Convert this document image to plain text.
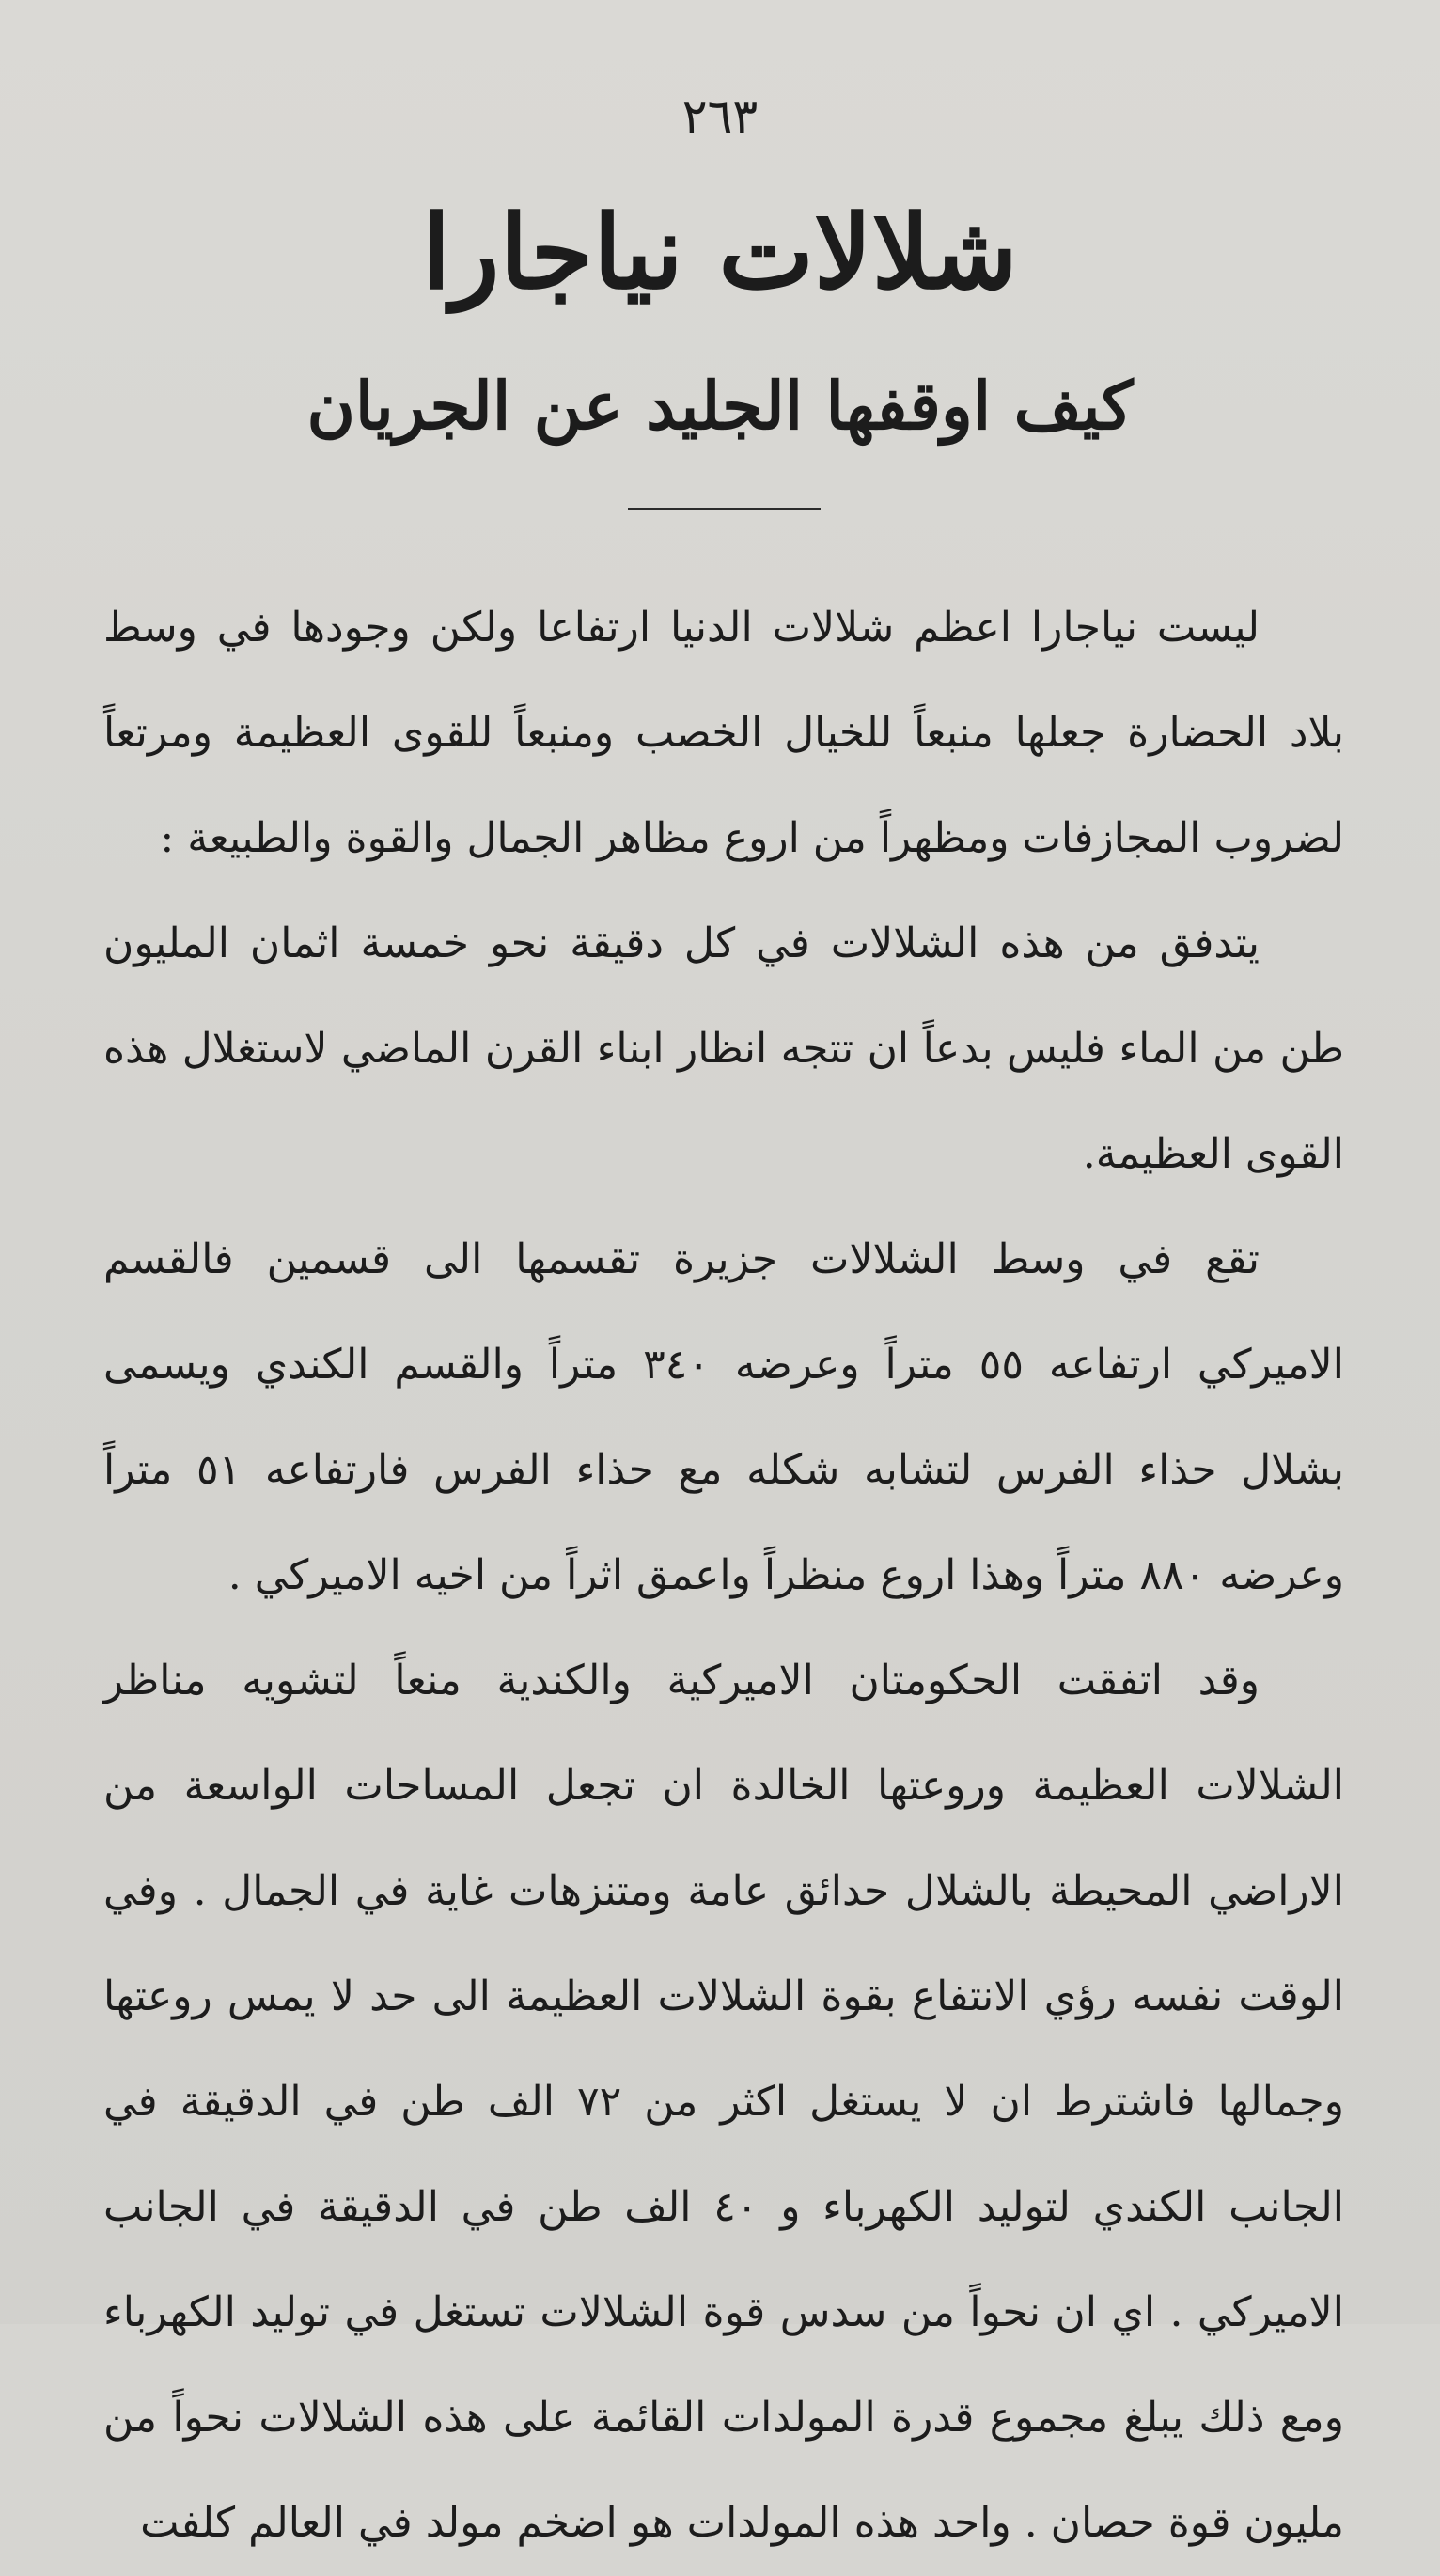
٢٦٣
شلالات نياجارا
كيف اوقفها الجليد عن الجريان

ليست نياجارا اعظم شلالات الدنيا ارتفاعا ولكن وجودها في وسط بلاد الحضارة جعلها منبعاً للخيال الخصب ومنبعاً للقوى العظيمة ومرتعاً لضروب المجازفات ومظهراً من اروع مظاهر الجمال والقوة والطبيعة :

يتدفق من هذه الشلالات في كل دقيقة نحو خمسة اثمان المليون طن من الماء فليس بدعاً ان تتجه انظار ابناء القرن الماضي لاستغلال هذه القوى العظيمة.

تقع في وسط الشلالات جزيرة تقسمها الى قسمين فالقسم الاميركي ارتفاعه ٥٥ متراً وعرضه ٣٤٠ متراً والقسم الكندي ويسمى بشلال حذاء الفرس لتشابه شكله مع حذاء الفرس فارتفاعه ٥١ متراً وعرضه ٨٨٠ متراً وهذا اروع منظراً واعمق اثراً من اخيه الاميركي .

وقد اتفقت الحكومتان الاميركية والكندية منعاً لتشويه مناظر الشلالات العظيمة وروعتها الخالدة ان تجعل المساحات الواسعة من الاراضي المحيطة بالشلال حدائق عامة ومتنزهات غاية في الجمال . وفي الوقت نفسه رؤي الانتفاع بقوة الشلالات العظيمة الى حد لا يمس روعتها وجمالها فاشترط ان لا يستغل اكثر من ٧٢ الف طن في الدقيقة في الجانب الكندي لتوليد الكهرباء و ٤٠ الف طن في الدقيقة في الجانب الاميركي . اي ان نحواً من سدس قوة الشلالات تستغل في توليد الكهرباء ومع ذلك يبلغ مجموع قدرة المولدات القائمة على هذه الشلالات نحواً من مليون قوة حصان . واحد هذه المولدات هو اضخم مولد في العالم كلفت
